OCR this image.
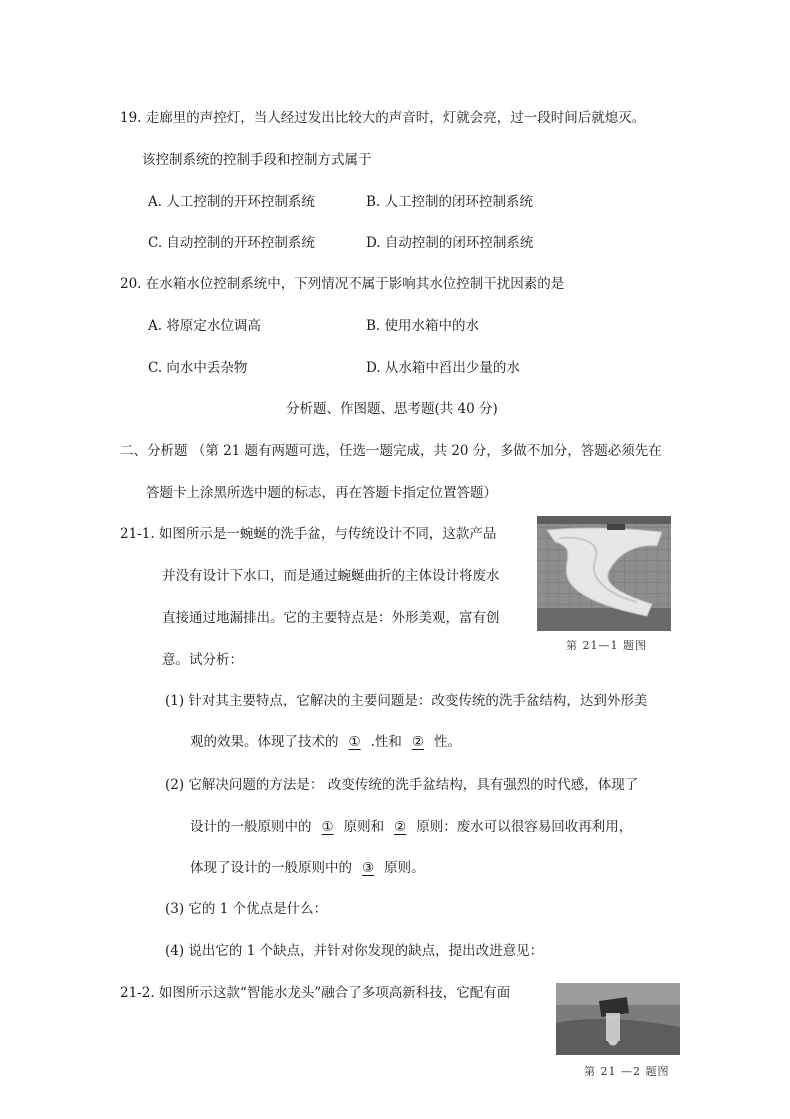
19. 走廊里的声控灯，当人经过发出比较大的声音时，灯就会亮，过一段时间后就熄灭。
该控制系统的控制手段和控制方式属于
A. 人工控制的开环控制系统	B. 人工控制的闭环控制系统
C. 自动控制的开环控制系统	D. 自动控制的闭环控制系统
20. 在水箱水位控制系统中，下列情况不属于影响其水位控制干扰因素的是
A. 将原定水位调高	B. 使用水箱中的水
C. 向水中丢杂物	D. 从水箱中舀出少量的水
分析题、作图题、思考题(共 40 分)
二、分析题 （第 21 题有两题可选，任选一题完成，共 20 分，多做不加分，答题必须先在
答题卡上涂黑所选中题的标志，再在答题卡指定位置答题）
21-1. 如图所示是一蜿蜒的洗手盆，与传统设计不同，这款产品
并没有设计下水口，而是通过蜿蜒曲折的主体设计将废水
直接通过地漏排出。它的主要特点是：外形美观，富有创
意。试分析：
第 21—1 题图
(1) 针对其主要特点，它解决的主要问题是：改变传统的洗手盆结构，达到外形美
观的效果。体现了技术的 ① .性和 ② 性。
(2) 它解决问题的方法是： 改变传统的洗手盆结构，具有强烈的时代感，体现了
设计的一般原则中的 ① 原则和 ② 原则：废水可以很容易回收再利用，
体现了设计的一般原则中的 ③ 原则。
(3) 它的 1 个优点是什么：
(4) 说出它的 1 个缺点，并针对你发现的缺点，提出改进意见：
21-2. 如图所示这款“智能水龙头”融合了多项高新科技，它配有面
第 21 —2 题图
